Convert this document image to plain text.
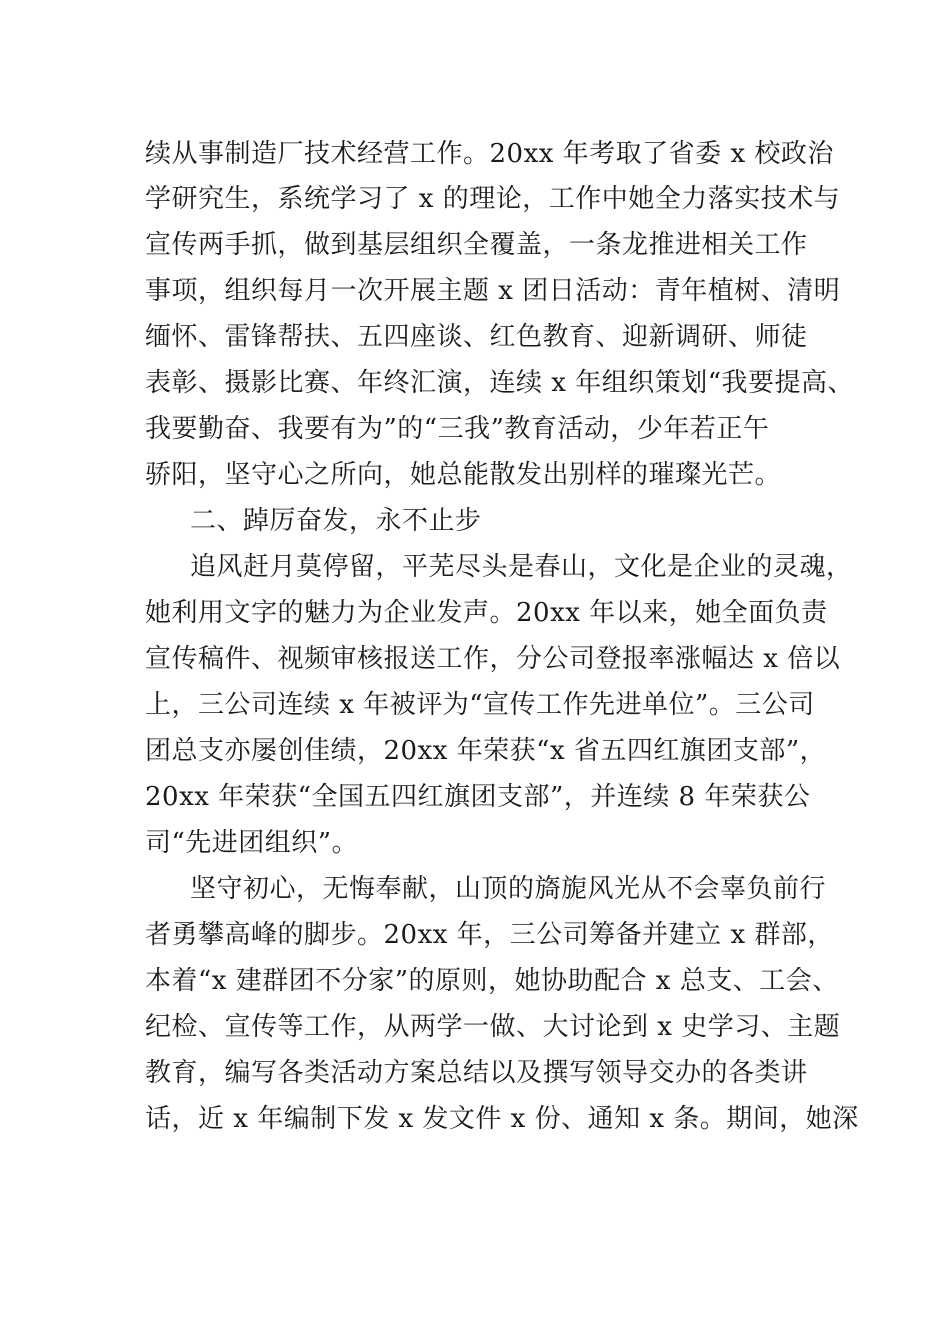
续从事制造厂技术经营工作。20xx 年考取了省委 x 校政治
学研究生，系统学习了 x 的理论，工作中她全力落实技术与
宣传两手抓，做到基层组织全覆盖，一条龙推进相关工作
事项，组织每月一次开展主题 x 团日活动：青年植树、清明
缅怀、雷锋帮扶、五四座谈、红色教育、迎新调研、师徒
表彰、摄影比赛、年终汇演，连续 x 年组织策划“我要提高、
我要勤奋、我要有为”的“三我”教育活动，少年若正午
骄阳，坚守心之所向，她总能散发出别样的璀璨光芒。
二、踔厉奋发，永不止步
追风赶月莫停留，平芜尽头是春山，文化是企业的灵魂，
她利用文字的魅力为企业发声。20xx 年以来，她全面负责
宣传稿件、视频审核报送工作，分公司登报率涨幅达 x 倍以
上，三公司连续 x 年被评为“宣传工作先进单位”。三公司
团总支亦屡创佳绩，20xx 年荣获“x 省五四红旗团支部”，
20xx 年荣获“全国五四红旗团支部”，并连续 8 年荣获公
司“先进团组织”。
坚守初心，无悔奉献，山顶的旖旎风光从不会辜负前行
者勇攀高峰的脚步。20xx 年，三公司筹备并建立 x 群部，
本着“x 建群团不分家”的原则，她协助配合 x 总支、工会、
纪检、宣传等工作，从两学一做、大讨论到 x 史学习、主题
教育，编写各类活动方案总结以及撰写领导交办的各类讲
话，近 x 年编制下发 x 发文件 x 份、通知 x 条。期间，她深
